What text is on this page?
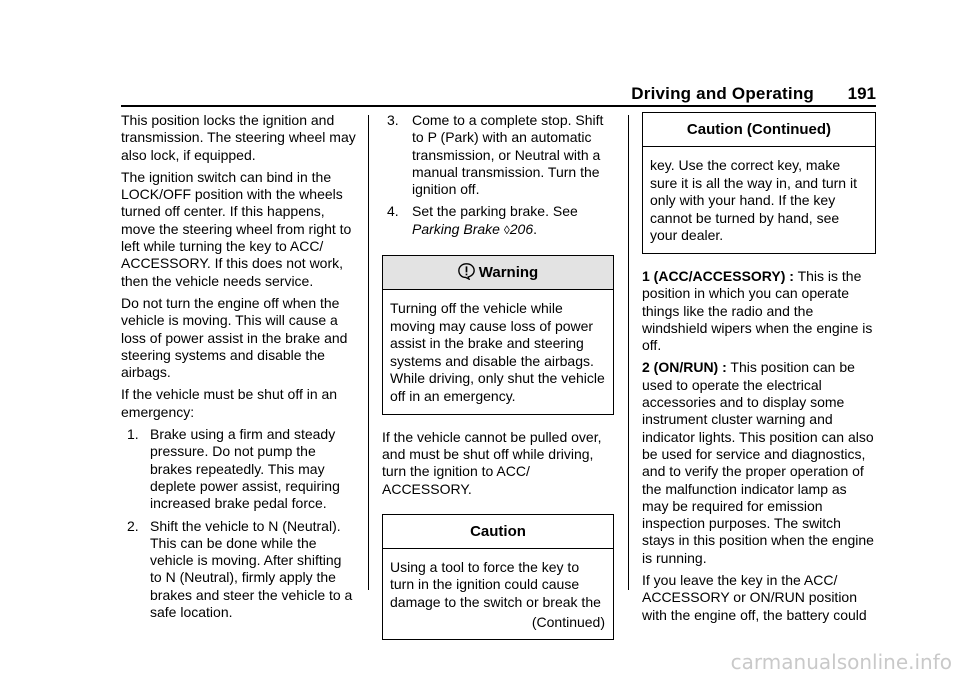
Driving and Operating 191

This position locks the ignition and transmission. The steering wheel may also lock, if equipped.

The ignition switch can bind in the LOCK/OFF position with the wheels turned off center. If this happens, move the steering wheel from right to left while turning the key to ACC/ ACCESSORY. If this does not work, then the vehicle needs service.

Do not turn the engine off when the vehicle is moving. This will cause a loss of power assist in the brake and steering systems and disable the airbags.

If the vehicle must be shut off in an emergency:

1. Brake using a firm and steady pressure. Do not pump the brakes repeatedly. This may deplete power assist, requiring increased brake pedal force.
2. Shift the vehicle to N (Neutral). This can be done while the vehicle is moving. After shifting to N (Neutral), firmly apply the brakes and steer the vehicle to a safe location.
3. Come to a complete stop. Shift to P (Park) with an automatic transmission, or Neutral with a manual transmission. Turn the ignition off.
4. Set the parking brake. See
Parking Brake ◊206.
Warning
Turning off the vehicle while moving may cause loss of power assist in the brake and steering systems and disable the airbags. While driving, only shut the vehicle off in an emergency.

If the vehicle cannot be pulled over, and must be shut off while driving, turn the ignition to ACC/ ACCESSORY.

Caution
Using a tool to force the key to turn in the ignition could cause damage to the switch or break the
(Continued)
Caution (Continued)
key. Use the correct key, make sure it is all the way in, and turn it only with your hand. If the key cannot be turned by hand, see your dealer.

1 (ACC/ACCESSORY) : This is the position in which you can operate things like the radio and the windshield wipers when the engine is off.

2 (ON/RUN) : This position can be used to operate the electrical accessories and to display some instrument cluster warning and indicator lights. This position can also be used for service and diagnostics, and to verify the proper operation of the malfunction indicator lamp as may be required for emission inspection purposes. The switch stays in this position when the engine is running.

If you leave the key in the ACC/ ACCESSORY or ON/RUN position with the engine off, the battery could

carmanualsonline.info
